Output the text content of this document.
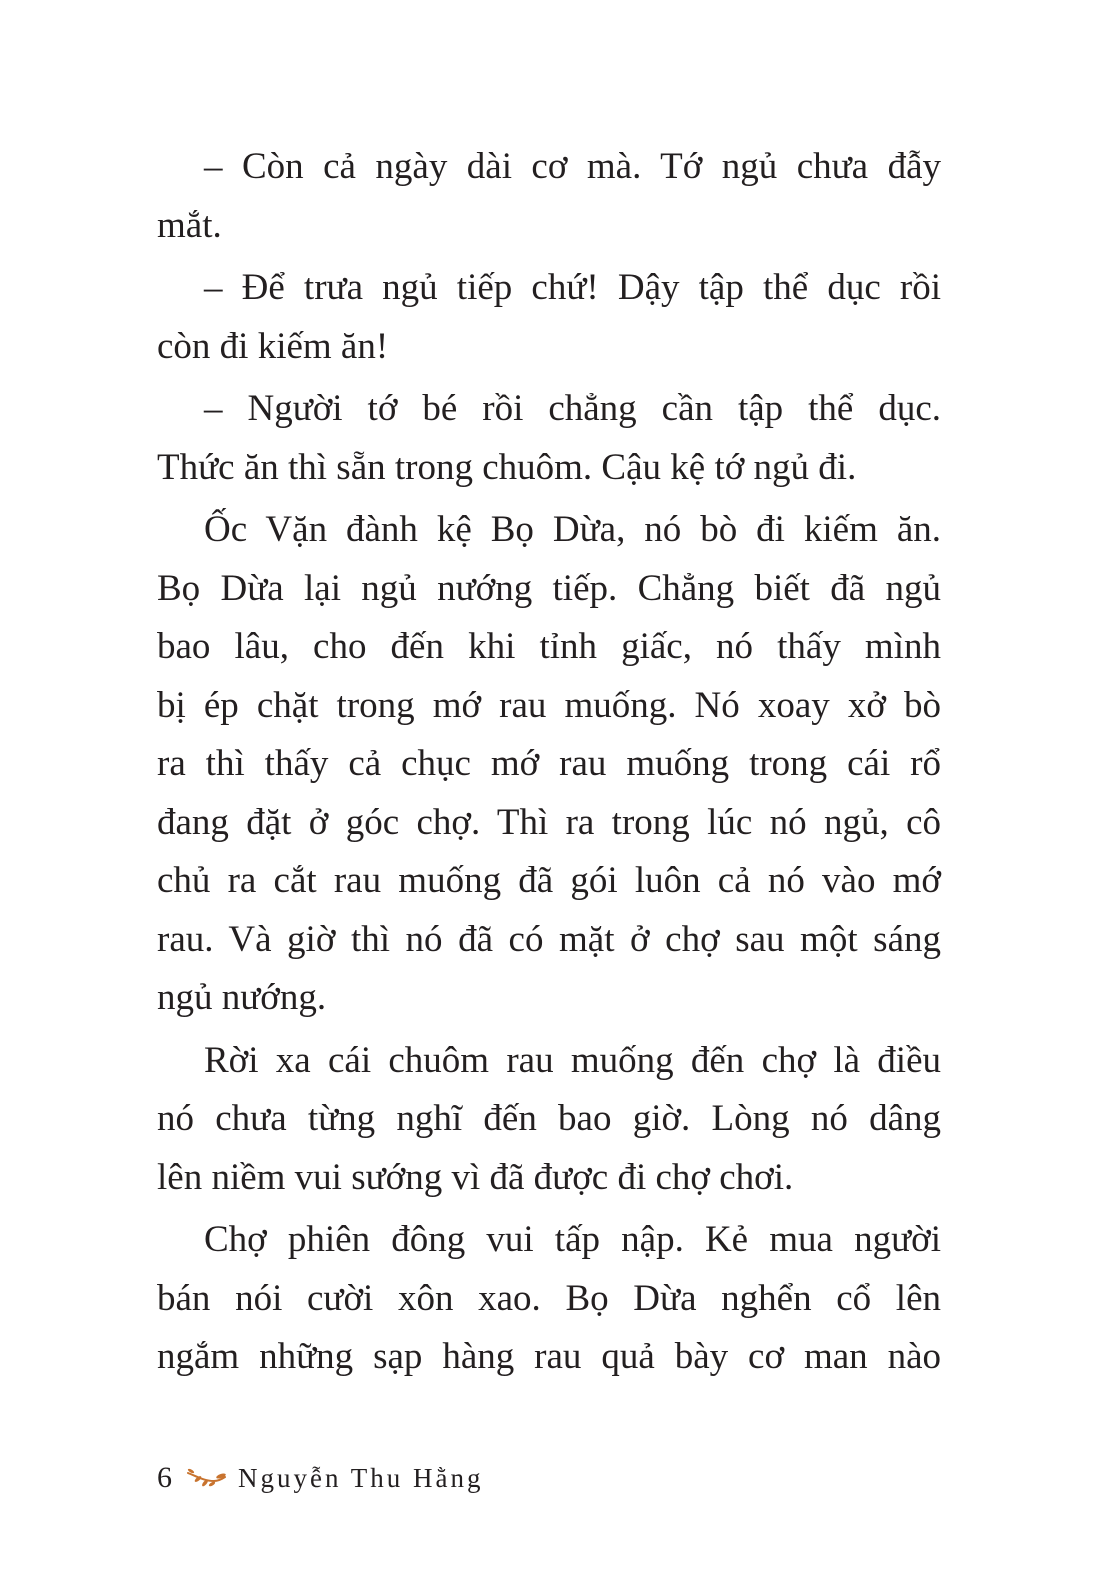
– Còn cả ngày dài cơ mà. Tớ ngủ chưa đẫy
mắt.
– Để trưa ngủ tiếp chứ! Dậy tập thể dục rồi
còn đi kiếm ăn!
– Người tớ bé rồi chẳng cần tập thể dục.
Thức ăn thì sẵn trong chuôm. Cậu kệ tớ ngủ đi.
Ốc Vặn đành kệ Bọ Dừa, nó bò đi kiếm ăn.
Bọ Dừa lại ngủ nướng tiếp. Chẳng biết đã ngủ
bao lâu, cho đến khi tỉnh giấc, nó thấy mình
bị ép chặt trong mớ rau muống. Nó xoay xở bò
ra thì thấy cả chục mớ rau muống trong cái rổ
đang đặt ở góc chợ. Thì ra trong lúc nó ngủ, cô
chủ ra cắt rau muống đã gói luôn cả nó vào mớ
rau. Và giờ thì nó đã có mặt ở chợ sau một sáng
ngủ nướng.
Rời xa cái chuôm rau muống đến chợ là điều
nó chưa từng nghĩ đến bao giờ. Lòng nó dâng
lên niềm vui sướng vì đã được đi chợ chơi.
Chợ phiên đông vui tấp nập. Kẻ mua người
bán nói cười xôn xao. Bọ Dừa nghển cổ lên
ngắm những sạp hàng rau quả bày cơ man nào
6 Nguyễn Thu Hằng
